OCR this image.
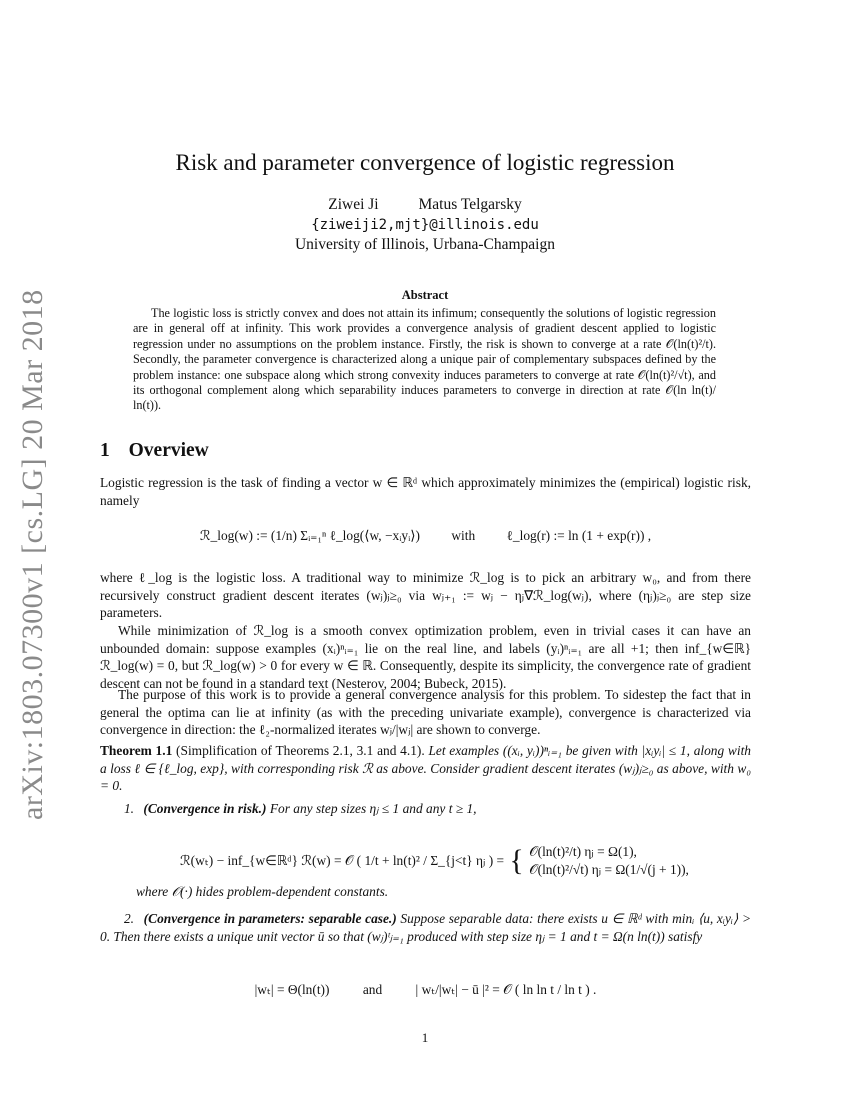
arXiv:1803.07300v1 [cs.LG] 20 Mar 2018
Risk and parameter convergence of logistic regression
Ziwei Ji	Matus Telgarsky
{ziweiji2,mjt}@illinois.edu
University of Illinois, Urbana-Champaign
Abstract
The logistic loss is strictly convex and does not attain its infimum; consequently the solutions of logistic regression are in general off at infinity. This work provides a convergence analysis of gradient descent applied to logistic regression under no assumptions on the problem instance. Firstly, the risk is shown to converge at a rate 𝒪(ln(t)²/t). Secondly, the parameter convergence is characterized along a unique pair of complementary subspaces defined by the problem instance: one subspace along which strong convexity induces parameters to converge at rate 𝒪(ln(t)²/√t), and its orthogonal complement along which separability induces parameters to converge in direction at rate 𝒪(ln ln(t)/ ln(t)).
1 Overview
Logistic regression is the task of finding a vector w ∈ ℝᵈ which approximately minimizes the (empirical) logistic risk, namely
ℛ_log(w) := (1/n) Σᵢ₌₁ⁿ ℓ_log(⟨w, −xᵢyᵢ⟩) with ℓ_log(r) := ln (1 + exp(r)) ,
where ℓ_log is the logistic loss. A traditional way to minimize ℛ_log is to pick an arbitrary w₀, and from there recursively construct gradient descent iterates (wⱼ)ⱼ≥₀ via wⱼ₊₁ := wⱼ − ηⱼ∇ℛ_log(wⱼ), where (ηⱼ)ⱼ≥₀ are step size parameters.
While minimization of ℛ_log is a smooth convex optimization problem, even in trivial cases it can have an unbounded domain: suppose examples (xᵢ)ⁿᵢ₌₁ lie on the real line, and labels (yᵢ)ⁿᵢ₌₁ are all +1; then inf_{w∈ℝ} ℛ_log(w) = 0, but ℛ_log(w) > 0 for every w ∈ ℝ. Consequently, despite its simplicity, the convergence rate of gradient descent can not be found in a standard text (Nesterov, 2004; Bubeck, 2015).
The purpose of this work is to provide a general convergence analysis for this problem. To sidestep the fact that in general the optima can lie at infinity (as with the preceding univariate example), convergence is characterized via convergence in direction: the ℓ₂-normalized iterates wⱼ/|wⱼ| are shown to converge.
Theorem 1.1 (Simplification of Theorems 2.1, 3.1 and 4.1). Let examples ((xᵢ, yᵢ))ⁿᵢ₌₁ be given with |xᵢyᵢ| ≤ 1, along with a loss ℓ ∈ {ℓ_log, exp}, with corresponding risk ℛ as above. Consider gradient descent iterates (wⱼ)ⱼ≥₀ as above, with w₀ = 0.
1. (Convergence in risk.) For any step sizes ηⱼ ≤ 1 and any t ≥ 1,
ℛ(wₜ) − inf_{w∈ℝᵈ} ℛ(w) = 𝒪 ( 1/t + ln(t)² / Σ_{j<t} ηⱼ ) = { 𝒪(ln(t)²/t) ηⱼ = Ω(1),
𝒪(ln(t)²/√t) ηⱼ = Ω(1/√(j + 1)),
where 𝒪(·) hides problem-dependent constants.
2. (Convergence in parameters: separable case.) Suppose separable data: there exists u ∈ ℝᵈ with minᵢ ⟨u, xᵢyᵢ⟩ > 0. Then there exists a unique unit vector ū so that (wⱼ)ᵗⱼ₌₁ produced with step size ηⱼ = 1 and t = Ω(n ln(t)) satisfy
|wₜ| = Θ(ln(t)) and | wₜ/|wₜ| − ū |² = 𝒪 ( ln ln t / ln t ) .
1
